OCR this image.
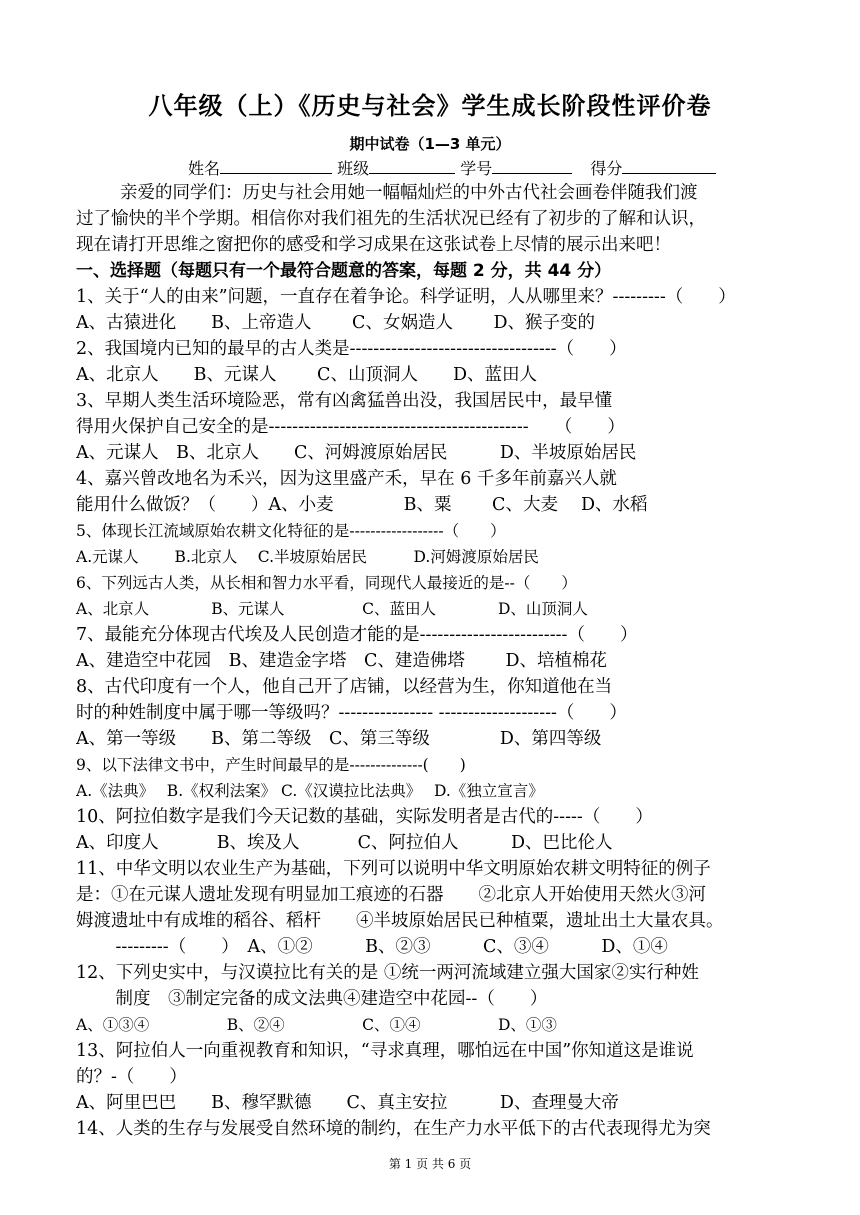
八年级（上）《历史与社会》学生成长阶段性评价卷
期中试卷（1—3 单元）
姓名	班级	学号	得分
亲爱的同学们：历史与社会用她一幅幅灿烂的中外古代社会画卷伴随我们渡
过了愉快的半个学期。相信你对我们祖先的生活状况已经有了初步的了解和认识，
现在请打开思维之窗把你的感受和学习成果在这张试卷上尽情的展示出来吧！
一、选择题（每题只有一个最符合题意的答案，每题 2 分，共 44 分）
1、关于“人的由来”问题，一直存在着争论。科学证明，人从哪里来？---------（　　）
A、古猿进化　　B、上帝造人　　 C、女娲造人　　 D、猴子变的
2、我国境内已知的最早的古人类是-----------------------------------（　　）
A、北京人　　B、元谋人　　 C、山顶洞人　　D、蓝田人
3、早期人类生活环境险恶，常有凶禽猛兽出没，我国居民中，最早懂
得用火保护自己安全的是--------------------------------------------　　（　　）
A、元谋人　B、北京人　　C、河姆渡原始居民　　　D、半坡原始居民
4、嘉兴曾改地名为禾兴，因为这里盛产禾，早在 6 千多年前嘉兴人就
能用什么做饭？（　　）A、小麦　　　　B、粟　　 C、大麦　 D、水稻
5、体现长江流域原始农耕文化特征的是------------------（　　）
A.元谋人　　 B.北京人　 C.半坡原始居民　　　D.河姆渡原始居民
6、下列远古人类，从长相和智力水平看，同现代人最接近的是--（　　）
A、北京人　　　　B、元谋人　　　　　C、蓝田人　　　　D、山顶洞人
7、最能充分体现古代埃及人民创造才能的是-------------------------（　　）
A、建造空中花园　B、建造金字塔　C、建造佛塔　　 D、培植棉花
8、古代印度有一个人，他自己开了店铺，以经营为生，你知道他在当
时的种姓制度中属于哪一等级吗？---------------- --------------------（　　）
A、第一等级　　B、第二等级　C、第三等级　　　　D、第四等级
9、以下法律文书中，产生时间最早的是--------------(　　)
A.《法典》　 B.《权利法案》 C.《汉谟拉比法典》　 D.《独立宣言》
10、阿拉伯数字是我们今天记数的基础，实际发明者是古代的-----（　　）
A、印度人　　　 B、埃及人　　　 C、阿拉伯人　　　D、巴比伦人
11、中华文明以农业生产为基础，下列可以说明中华文明原始农耕文明特征的例子
是：①在元谋人遗址发现有明显加工痕迹的石器　　②北京人开始使用天然火③河
姆渡遗址中有成堆的稻谷、稻杆　　④半坡原始居民已种植粟，遗址出土大量农具。
　---------（　　）　A、①②　　　B、②③　　　C、③④　　　D、①④
12、下列史实中，与汉谟拉比有关的是 ①统一两河流域建立强大国家②实行种姓
　制度　③制定完备的成文法典④建造空中花园--（　　）
A、①③④　　　　　B、②④　　　　　C、①④　　　　　D、①③
13、阿拉伯人一向重视教育和知识，“寻求真理，哪怕远在中国”你知道这是谁说
的？-（　　）
A、阿里巴巴　　B、穆罕默德　　C、真主安拉　　　D、查理曼大帝
14、人类的生存与发展受自然环境的制约，在生产力水平低下的古代表现得尤为突
第 1 页 共 6 页
